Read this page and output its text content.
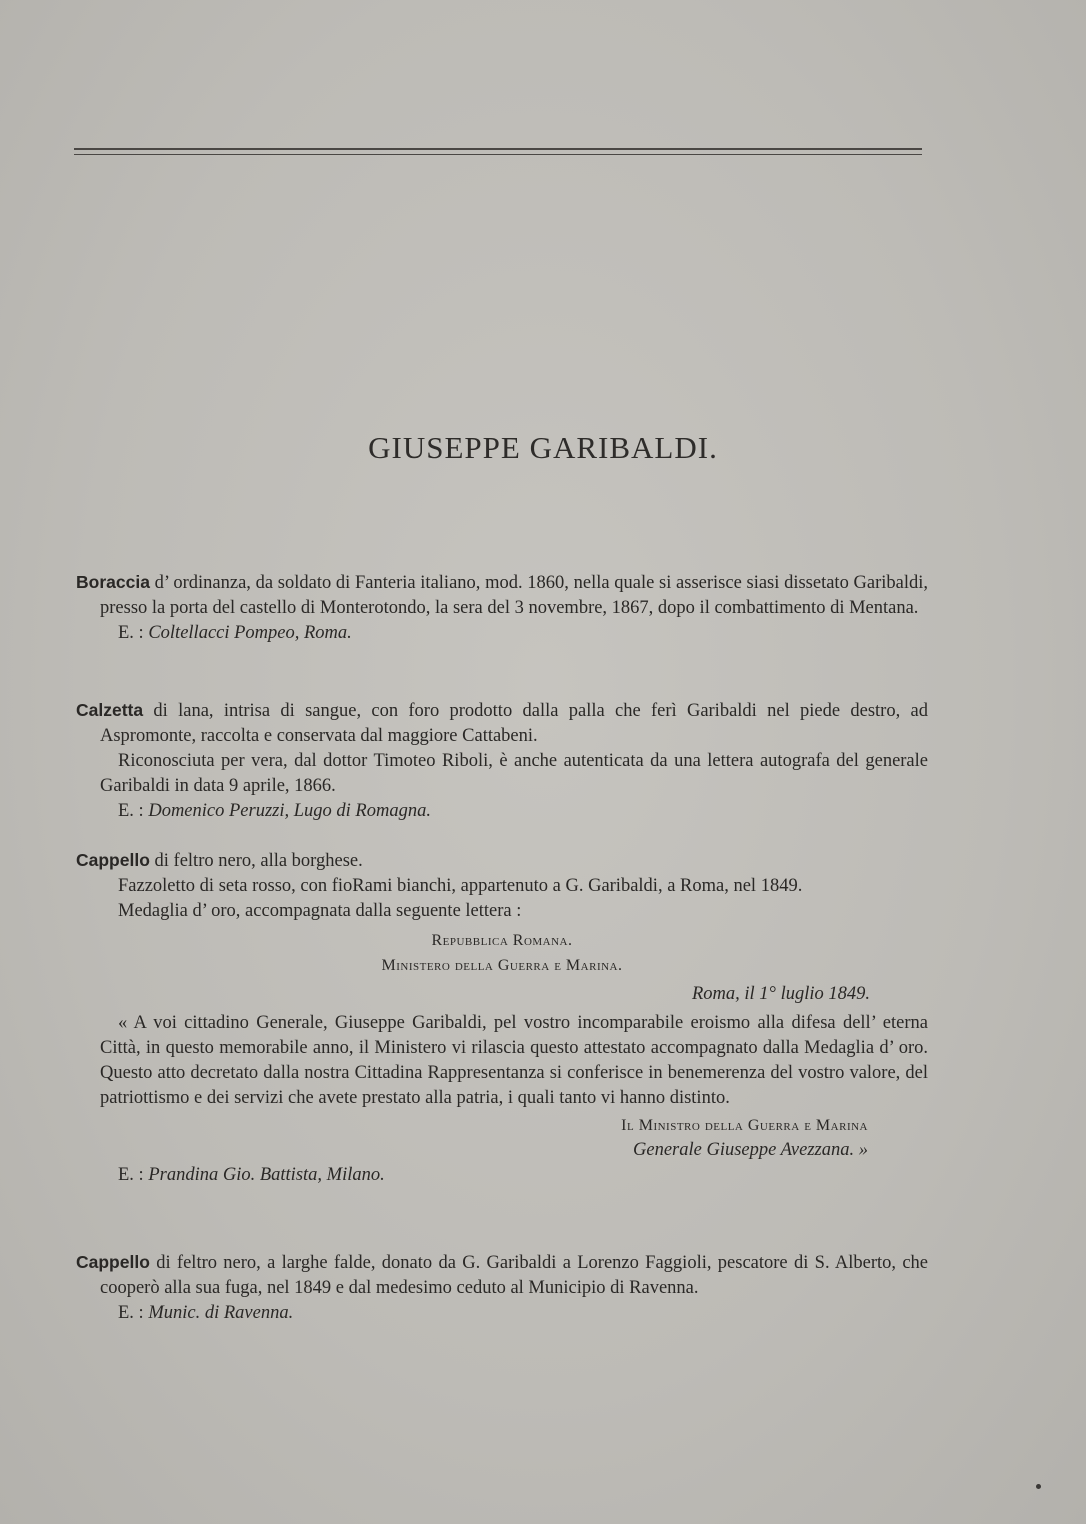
GIUSEPPE GARIBALDI.

Boraccia d’ ordinanza, da soldato di Fanteria italiano, mod. 1860, nella quale si asserisce siasi dissetato Garibaldi, presso la porta del castello di Monterotondo, la sera del 3 novembre, 1867, dopo il combattimento di Mentana.

E. : Coltellacci Pompeo, Roma.

Calzetta di lana, intrisa di sangue, con foro prodotto dalla palla che ferì Garibaldi nel piede destro, ad Aspromonte, raccolta e conservata dal maggiore Cattabeni.

Riconosciuta per vera, dal dottor Timoteo Riboli, è anche autenticata da una lettera autografa del generale Garibaldi in data 9 aprile, 1866.

E. : Domenico Peruzzi, Lugo di Romagna.

Cappello di feltro nero, alla borghese.

Fazzoletto di seta rosso, con fioRami bianchi, appartenuto a G. Garibaldi, a Roma, nel 1849.

Medaglia d’ oro, accompagnata dalla seguente lettera :

Repubblica Romana.

Ministero della Guerra e Marina.

Roma, il 1° luglio 1849.

« A voi cittadino Generale, Giuseppe Garibaldi, pel vostro incomparabile eroismo alla difesa dell’ eterna Città, in questo memorabile anno, il Ministero vi rilascia questo attestato accompagnato dalla Medaglia d’ oro. Questo atto decretato dalla nostra Cittadina Rappresentanza si conferisce in benemerenza del vostro valore, del patriottismo e dei servizi che avete prestato alla patria, i quali tanto vi hanno distinto.

Il Ministro della Guerra e Marina

Generale Giuseppe Avezzana. »

E. : Prandina Gio. Battista, Milano.

Cappello di feltro nero, a larghe falde, donato da G. Garibaldi a Lorenzo Faggioli, pescatore di S. Alberto, che cooperò alla sua fuga, nel 1849 e dal medesimo ceduto al Municipio di Ravenna.

E. : Munic. di Ravenna.
